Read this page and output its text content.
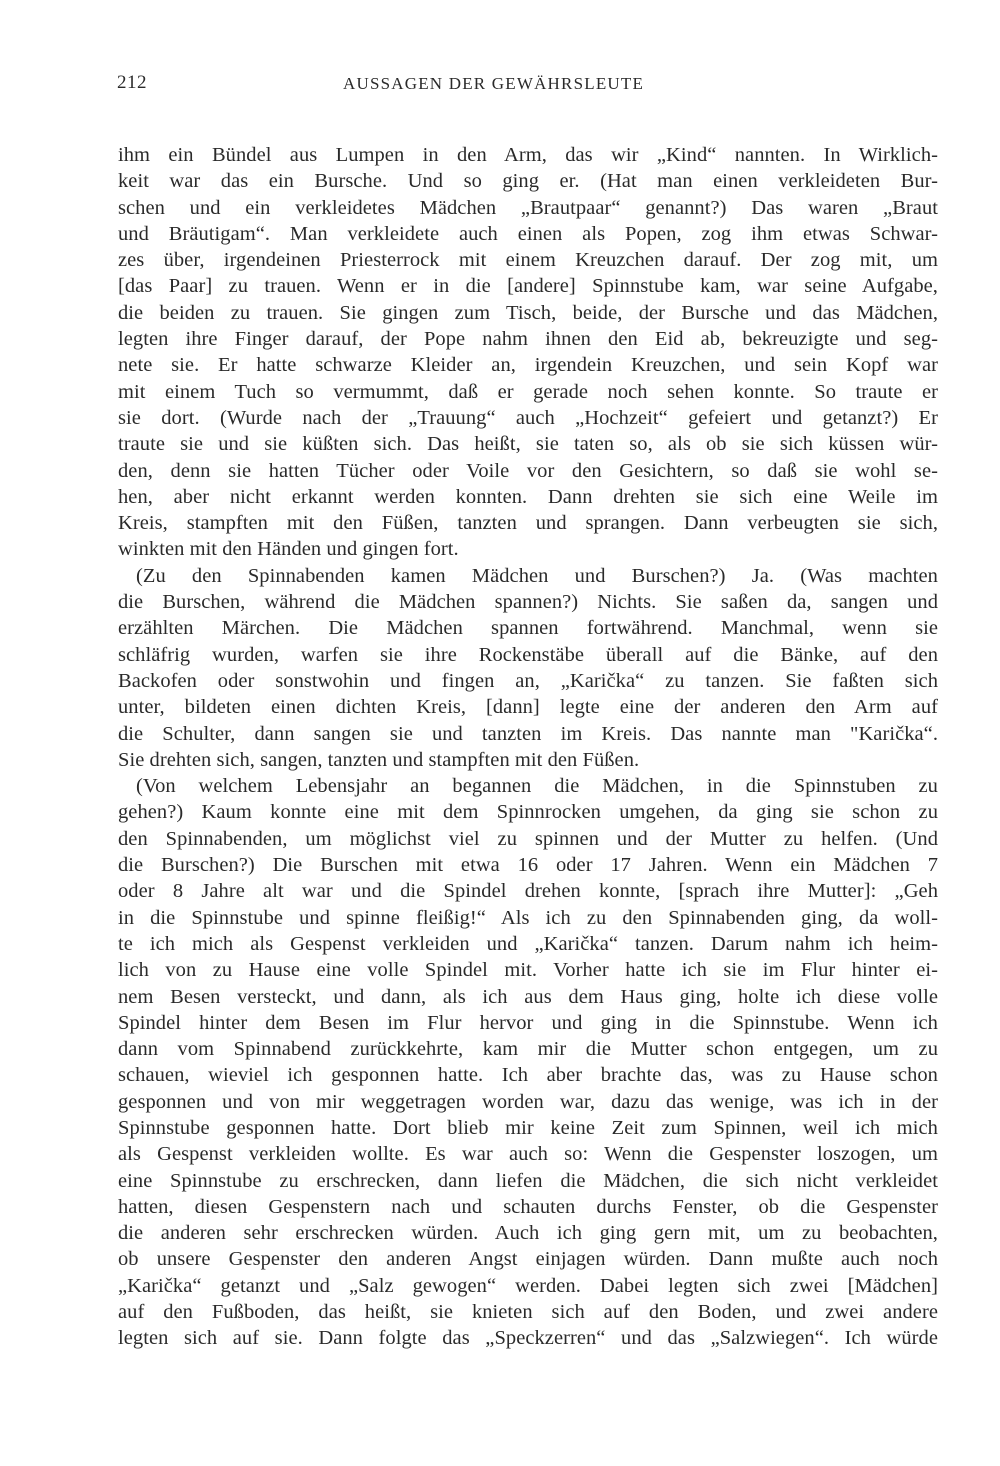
212	AUSSAGEN DER GEWÄHRSLEUTE
ihm ein Bündel aus Lumpen in den Arm, das wir „Kind“ nannten. In Wirklich-
keit war das ein Bursche. Und so ging er. (Hat man einen verkleideten Bur-
schen und ein verkleidetes Mädchen „Brautpaar“ genannt?) Das waren „Braut
und Bräutigam“. Man verkleidete auch einen als Popen, zog ihm etwas Schwar-
zes über, irgendeinen Priesterrock mit einem Kreuzchen darauf. Der zog mit, um
[das Paar] zu trauen. Wenn er in die [andere] Spinnstube kam, war seine Aufgabe,
die beiden zu trauen. Sie gingen zum Tisch, beide, der Bursche und das Mädchen,
legten ihre Finger darauf, der Pope nahm ihnen den Eid ab, bekreuzigte und seg-
nete sie. Er hatte schwarze Kleider an, irgendein Kreuzchen, und sein Kopf war
mit einem Tuch so vermummt, daß er gerade noch sehen konnte. So traute er
sie dort. (Wurde nach der „Trauung“ auch „Hochzeit“ gefeiert und getanzt?) Er
traute sie und sie küßten sich. Das heißt, sie taten so, als ob sie sich küssen wür-
den, denn sie hatten Tücher oder Voile vor den Gesichtern, so daß sie wohl se-
hen, aber nicht erkannt werden konnten. Dann drehten sie sich eine Weile im
Kreis, stampften mit den Füßen, tanzten und sprangen. Dann verbeugten sie sich,
winkten mit den Händen und gingen fort.
(Zu den Spinnabenden kamen Mädchen und Burschen?) Ja. (Was machten
die Burschen, während die Mädchen spannen?) Nichts. Sie saßen da, sangen und
erzählten Märchen. Die Mädchen spannen fortwährend. Manchmal, wenn sie
schläfrig wurden, warfen sie ihre Rockenstäbe überall auf die Bänke, auf den
Backofen oder sonstwohin und fingen an, „Karička“ zu tanzen. Sie faßten sich
unter, bildeten einen dichten Kreis, [dann] legte eine der anderen den Arm auf
die Schulter, dann sangen sie und tanzten im Kreis. Das nannte man "Karička“.
Sie drehten sich, sangen, tanzten und stampften mit den Füßen.
(Von welchem Lebensjahr an begannen die Mädchen, in die Spinnstuben zu
gehen?) Kaum konnte eine mit dem Spinnrocken umgehen, da ging sie schon zu
den Spinnabenden, um möglichst viel zu spinnen und der Mutter zu helfen. (Und
die Burschen?) Die Burschen mit etwa 16 oder 17 Jahren. Wenn ein Mädchen 7
oder 8 Jahre alt war und die Spindel drehen konnte, [sprach ihre Mutter]: „Geh
in die Spinnstube und spinne fleißig!“ Als ich zu den Spinnabenden ging, da woll-
te ich mich als Gespenst verkleiden und „Karička“ tanzen. Darum nahm ich heim-
lich von zu Hause eine volle Spindel mit. Vorher hatte ich sie im Flur hinter ei-
nem Besen versteckt, und dann, als ich aus dem Haus ging, holte ich diese volle
Spindel hinter dem Besen im Flur hervor und ging in die Spinnstube. Wenn ich
dann vom Spinnabend zurückkehrte, kam mir die Mutter schon entgegen, um zu
schauen, wieviel ich gesponnen hatte. Ich aber brachte das, was zu Hause schon
gesponnen und von mir weggetragen worden war, dazu das wenige, was ich in der
Spinnstube gesponnen hatte. Dort blieb mir keine Zeit zum Spinnen, weil ich mich
als Gespenst verkleiden wollte. Es war auch so: Wenn die Gespenster loszogen, um
eine Spinnstube zu erschrecken, dann liefen die Mädchen, die sich nicht verkleidet
hatten, diesen Gespenstern nach und schauten durchs Fenster, ob die Gespenster
die anderen sehr erschrecken würden. Auch ich ging gern mit, um zu beobachten,
ob unsere Gespenster den anderen Angst einjagen würden. Dann mußte auch noch
„Karička“ getanzt und „Salz gewogen“ werden. Dabei legten sich zwei [Mädchen]
auf den Fußboden, das heißt, sie knieten sich auf den Boden, und zwei andere
legten sich auf sie. Dann folgte das „Speckzerren“ und das „Salzwiegen“. Ich würde
